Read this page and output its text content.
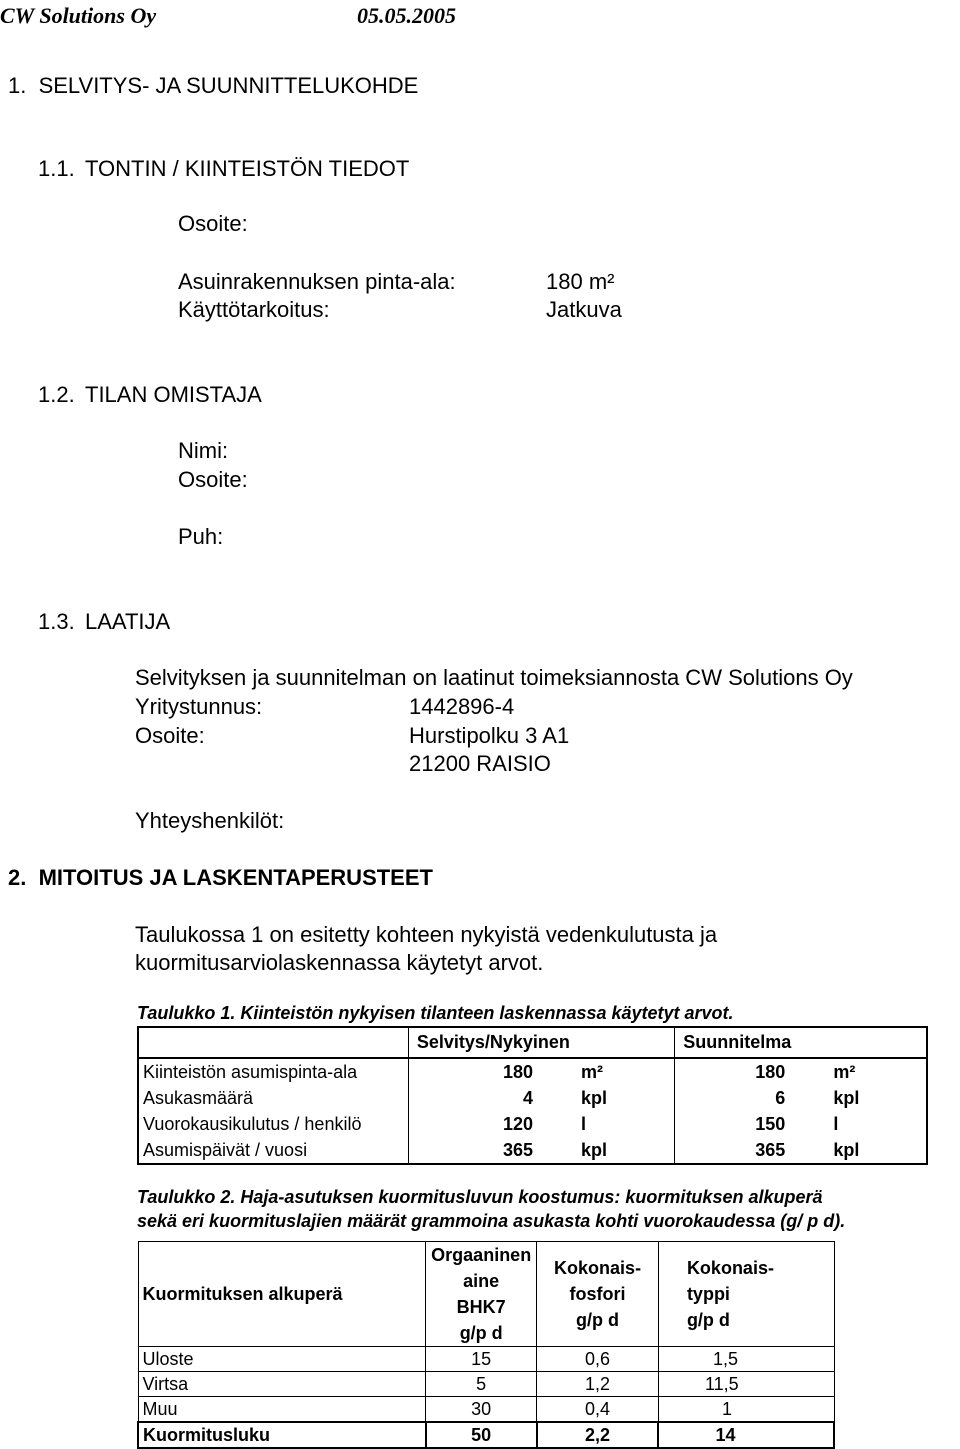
CW Solutions Oy	05.05.2005
1.  SELVITYS- JA SUUNNITTELUKOHDE
1.1. TONTIN / KIINTEISTÖN TIEDOT
Osoite:
Asuinrakennuksen pinta-ala:	180 m²
Käyttötarkoitus:	Jatkuva
1.2. TILAN OMISTAJA
Nimi:
Osoite:
Puh:
1.3. LAATIJA
Selvityksen ja suunnitelman on laatinut toimeksiannosta CW Solutions Oy
Yritystunnus:	1442896-4
Osoite:	Hurstipolku 3 A1
21200 RAISIO
Yhteyshenkilöt:
2.  MITOITUS JA LASKENTAPERUSTEET
Taulukossa 1 on esitetty kohteen nykyistä vedenkulutusta ja
kuormitusarviolaskennassa käytetyt arvot.
Taulukko 1. Kiinteistön nykyisen tilanteen laskennassa käytetyt arvot.
	Selvitys/Nykyinen		Suunnitelma	
Kiinteistön asumispinta-ala	180	m²	180	m²
Asukasmäärä	4	kpl	6	kpl
Vuorokausikulutus / henkilö	120	l	150	l
Asumispäivät / vuosi	365	kpl	365	kpl
Taulukko 2. Haja-asutuksen kuormitusluvun koostumus: kuormituksen alkuperä
sekä eri kuormituslajien määrät grammoina asukasta kohti vuorokaudessa (g/ p d).
Kuormituksen alkuperä	Orgaaninen aine
BHK7
g/p d	Kokonais-
fosfori
g/p d	Kokonais-
typpi
g/p d

Uloste	15	0,6	1,5
Virtsa	5	1,2	11,5
Muu	30	0,4	1
Kuormitusluku	50	2,2	14
